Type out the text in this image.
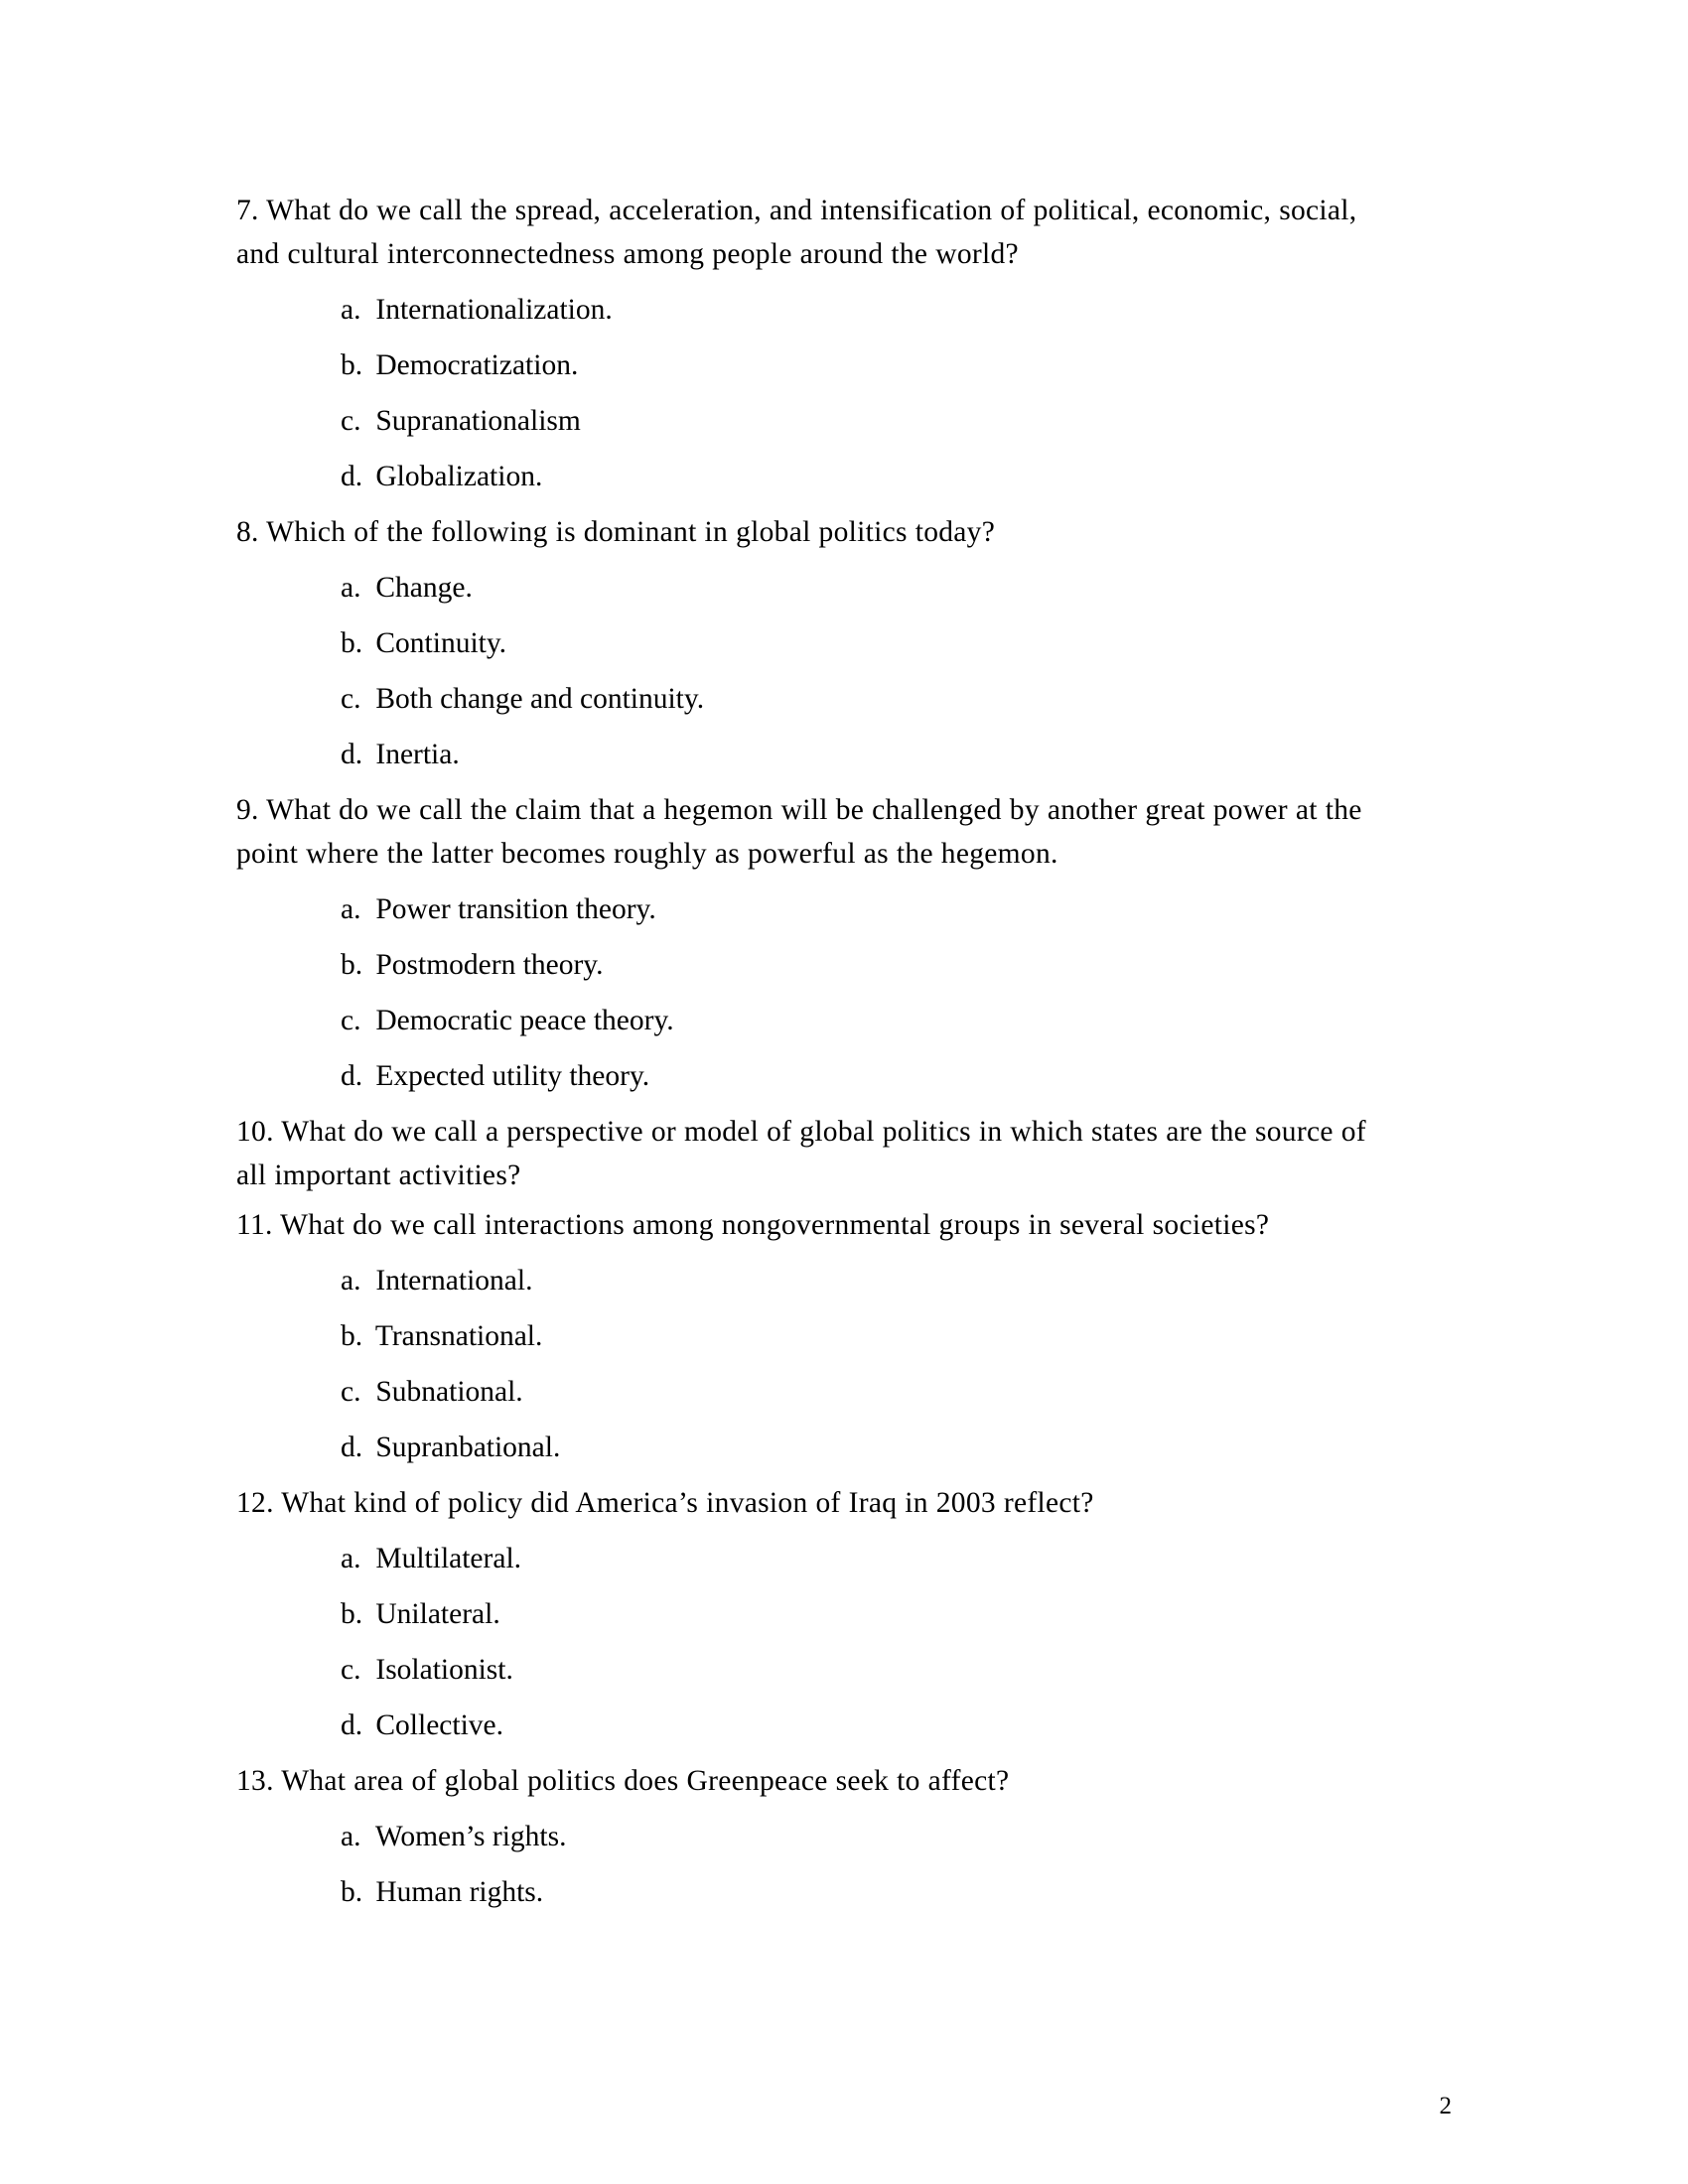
7. What do we call the spread, acceleration, and intensification of political, economic, social, and cultural interconnectedness among people around the world?

a. Internationalization.
b. Democratization.
c. Supranationalism
d. Globalization.

8. Which of the following is dominant in global politics today?

a. Change.
b. Continuity.
c. Both change and continuity.
d. Inertia.

9. What do we call the claim that a hegemon will be challenged by another great power at the point where the latter becomes roughly as powerful as the hegemon.

a. Power transition theory.
b. Postmodern theory.
c. Democratic peace theory.
d. Expected utility theory.

10. What do we call a perspective or model of global politics in which states are the source of all important activities?

11. What do we call interactions among nongovernmental groups in several societies?

a. International.
b. Transnational.
c. Subnational.
d. Supranbational.

12. What kind of policy did America’s invasion of Iraq in 2003 reflect?

a. Multilateral.
b. Unilateral.
c. Isolationist.
d. Collective.

13. What area of global politics does Greenpeace seek to affect?

a. Women’s rights.
b. Human rights.
2
